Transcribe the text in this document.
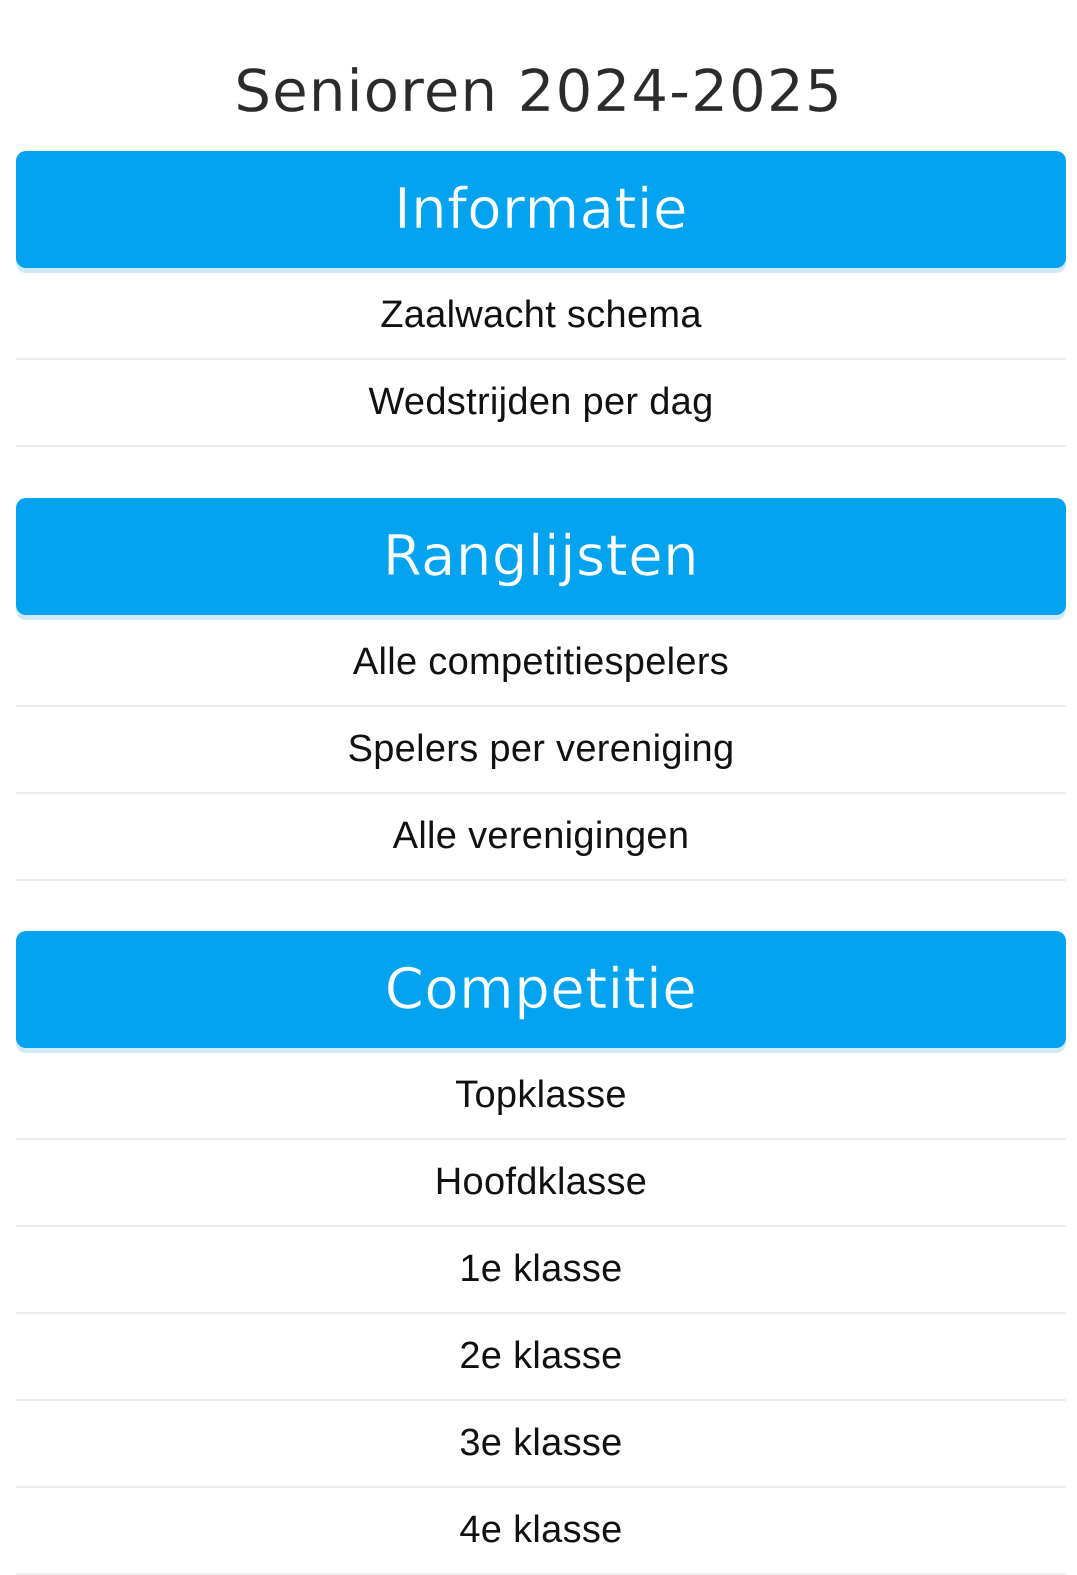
Senioren 2024-2025
Informatie
Zaalwacht schema
Wedstrijden per dag
Ranglijsten
Alle competitiespelers
Spelers per vereniging
Alle verenigingen
Competitie
Topklasse
Hoofdklasse
1e klasse
2e klasse
3e klasse
4e klasse
